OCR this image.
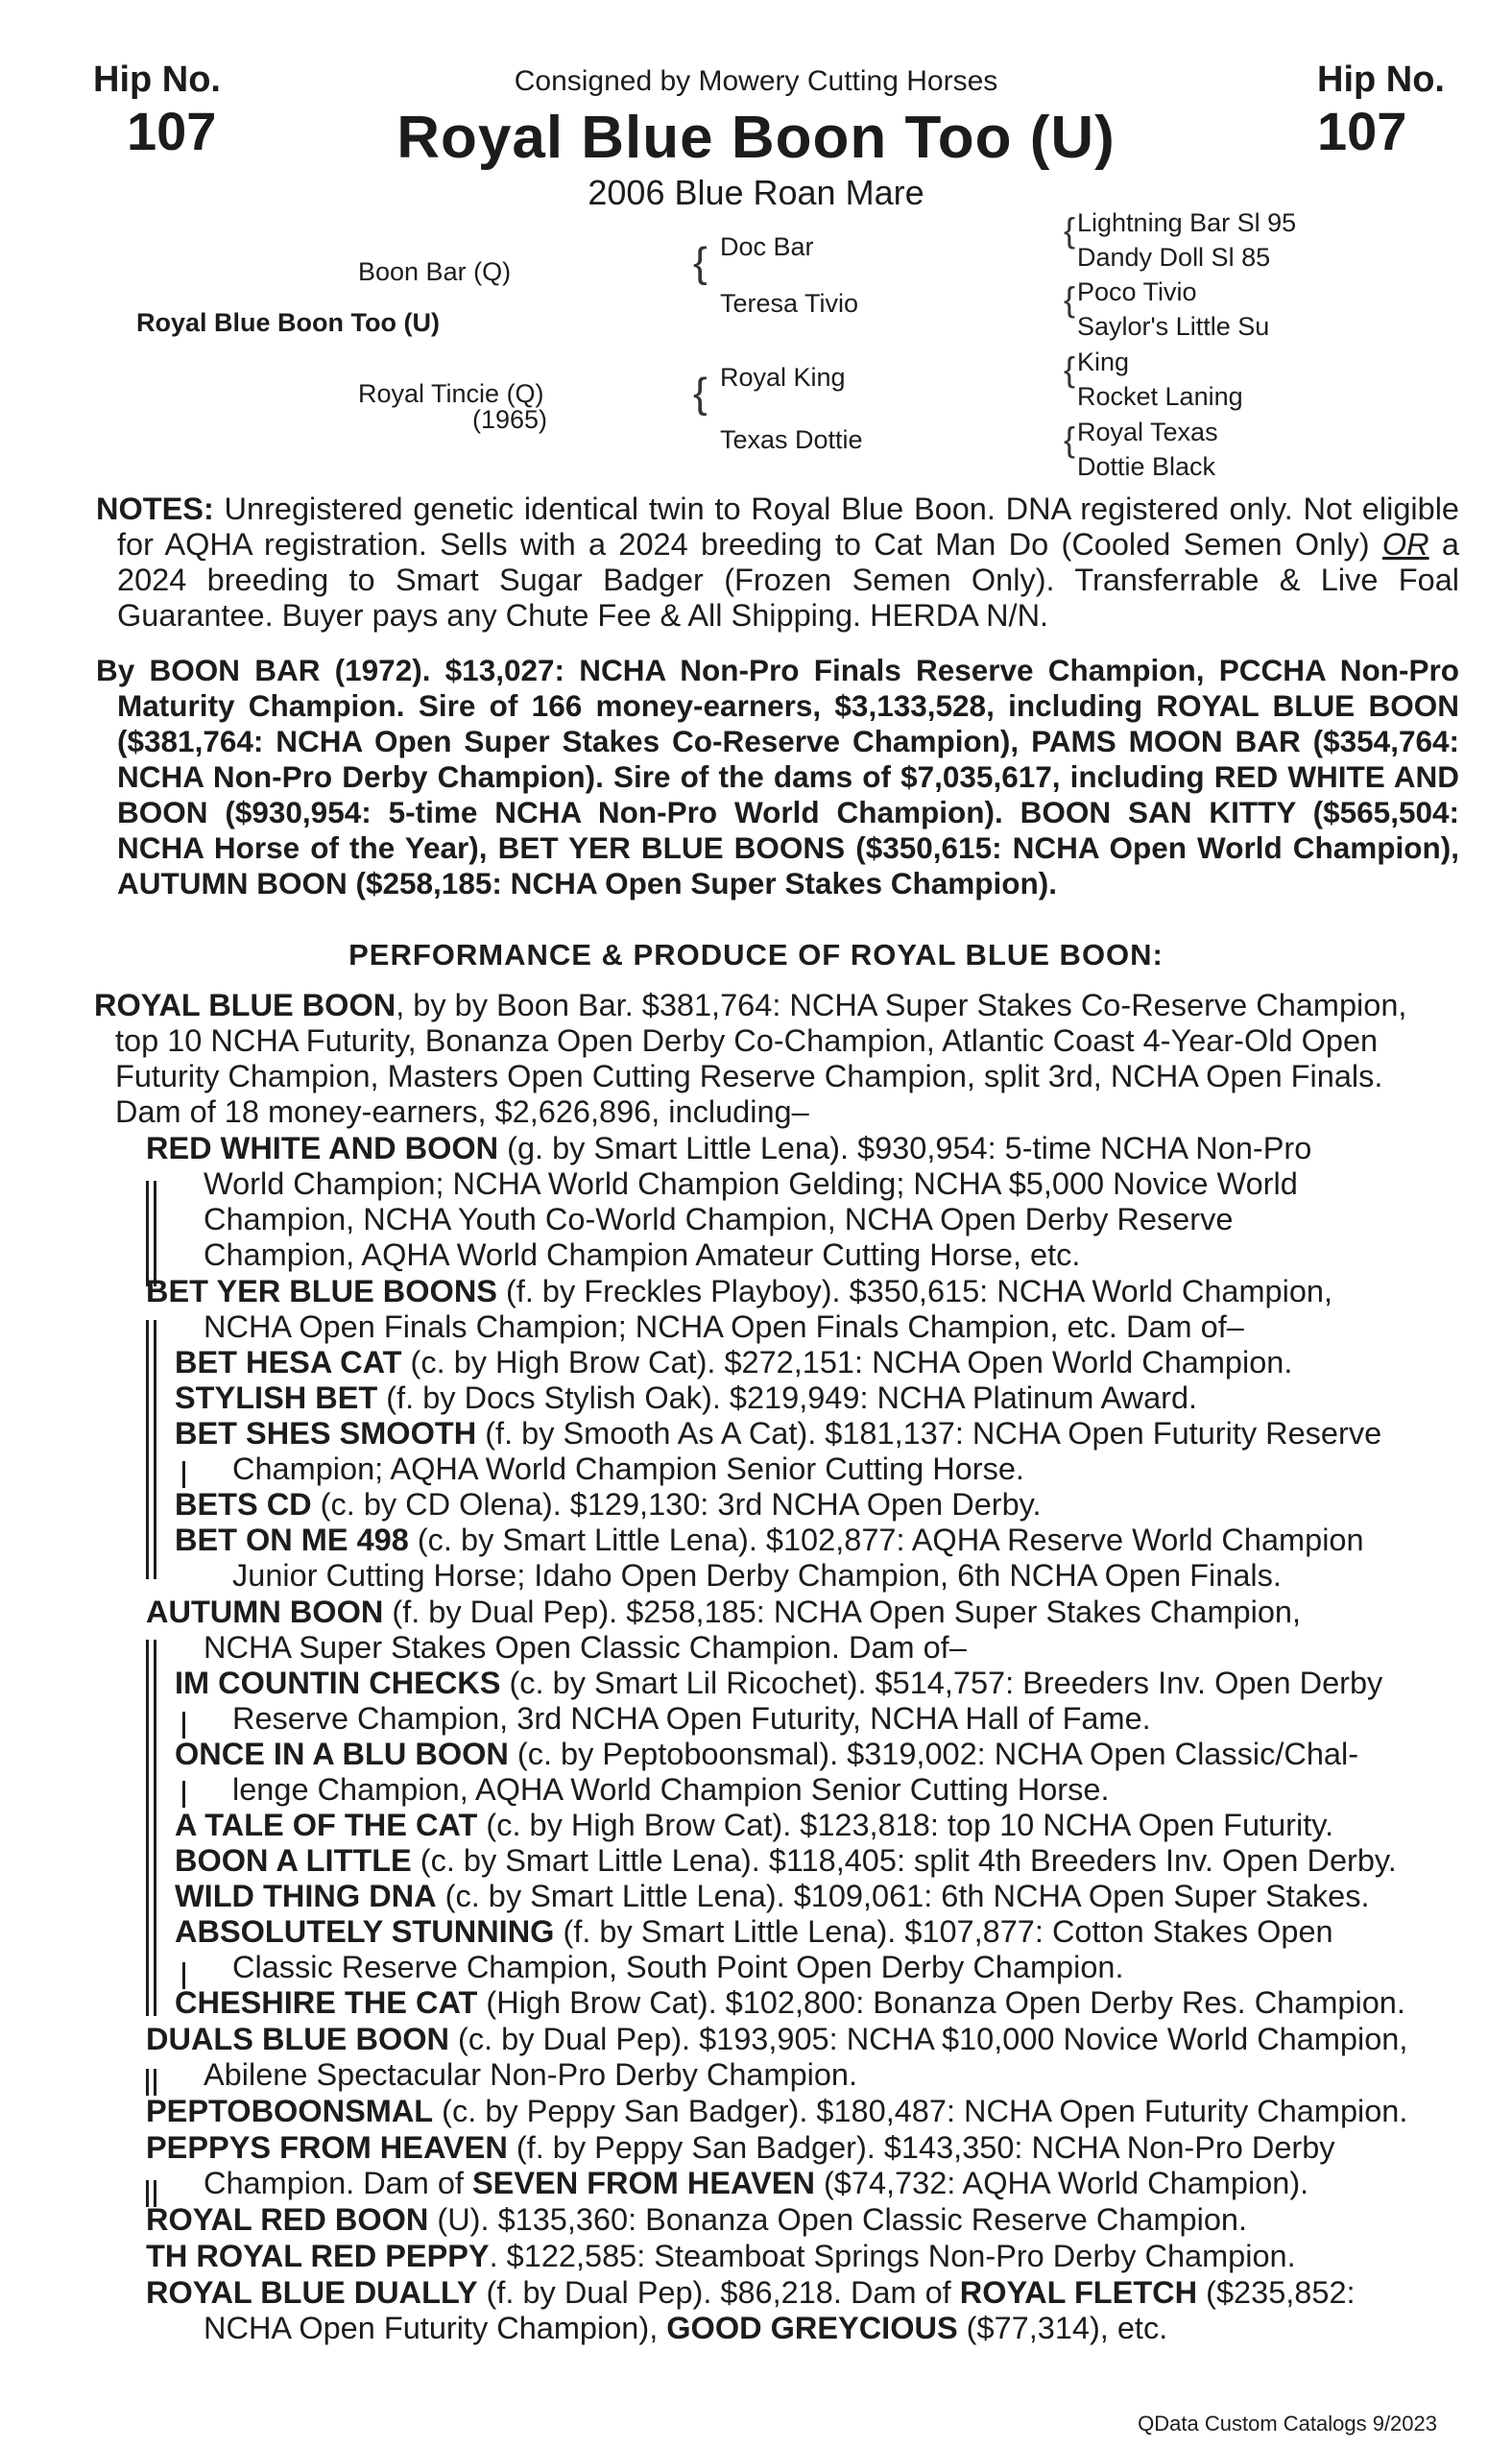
Hip No.
107
Hip No.
107
Consigned by Mowery Cutting Horses
Royal Blue Boon Too (U)
2006 Blue Roan Mare
Boon Bar (Q)
Royal Blue Boon Too (U)
Royal Tincie (Q)
(1965)
{ Doc Bar
Teresa Tivio
{ Royal King
Texas Dottie
{ Lightning Bar Sl 95
Dandy Doll Sl 85
{ Poco Tivio
Saylor's Little Su
{ King
Rocket Laning
{ Royal Texas
Dottie Black
NOTES: Unregistered genetic identical twin to Royal Blue Boon. DNA registered only. Not eligible for AQHA registration. Sells with a 2024 breeding to Cat Man Do (Cooled Semen Only) OR a 2024 breeding to Smart Sugar Badger (Frozen Semen Only). Transferrable & Live Foal Guarantee. Buyer pays any Chute Fee & All Shipping. HERDA N/N.
By BOON BAR (1972). $13,027: NCHA Non-Pro Finals Reserve Champion, PCCHA Non-Pro Maturity Champion. Sire of 166 money-earners, $3,133,528, including ROYAL BLUE BOON ($381,764: NCHA Open Super Stakes Co-Reserve Champion), PAMS MOON BAR ($354,764: NCHA Non-Pro Derby Champion). Sire of the dams of $7,035,617, including RED WHITE AND BOON ($930,954: 5-time NCHA Non-Pro World Champion). BOON SAN KITTY ($565,504: NCHA Horse of the Year), BET YER BLUE BOONS ($350,615: NCHA Open World Champion), AUTUMN BOON ($258,185: NCHA Open Super Stakes Champion).
PERFORMANCE & PRODUCE OF ROYAL BLUE BOON:
ROYAL BLUE BOON, by by Boon Bar. $381,764: NCHA Super Stakes Co-Reserve Champion,
top 10 NCHA Futurity, Bonanza Open Derby Co-Champion, Atlantic Coast 4-Year-Old Open
Futurity Champion, Masters Open Cutting Reserve Champion, split 3rd, NCHA Open Finals.
Dam of 18 money-earners, $2,626,896, including–
RED WHITE AND BOON (g. by Smart Little Lena). $930,954: 5-time NCHA Non-Pro
World Champion; NCHA World Champion Gelding; NCHA $5,000 Novice World
Champion, NCHA Youth Co-World Champion, NCHA Open Derby Reserve
Champion, AQHA World Champion Amateur Cutting Horse, etc.
BET YER BLUE BOONS (f. by Freckles Playboy). $350,615: NCHA World Champion,
NCHA Open Finals Champion; NCHA Open Finals Champion, etc. Dam of–
BET HESA CAT (c. by High Brow Cat). $272,151: NCHA Open World Champion.
STYLISH BET (f. by Docs Stylish Oak). $219,949: NCHA Platinum Award.
BET SHES SMOOTH (f. by Smooth As A Cat). $181,137: NCHA Open Futurity Reserve
Champion; AQHA World Champion Senior Cutting Horse.
BETS CD (c. by CD Olena). $129,130: 3rd NCHA Open Derby.
BET ON ME 498 (c. by Smart Little Lena). $102,877: AQHA Reserve World Champion
Junior Cutting Horse; Idaho Open Derby Champion, 6th NCHA Open Finals.
AUTUMN BOON (f. by Dual Pep). $258,185: NCHA Open Super Stakes Champion,
NCHA Super Stakes Open Classic Champion. Dam of–
IM COUNTIN CHECKS (c. by Smart Lil Ricochet). $514,757: Breeders Inv. Open Derby
Reserve Champion, 3rd NCHA Open Futurity, NCHA Hall of Fame.
ONCE IN A BLU BOON (c. by Peptoboonsmal). $319,002: NCHA Open Classic/Chal-
lenge Champion, AQHA World Champion Senior Cutting Horse.
A TALE OF THE CAT (c. by High Brow Cat). $123,818: top 10 NCHA Open Futurity.
BOON A LITTLE (c. by Smart Little Lena). $118,405: split 4th Breeders Inv. Open Derby.
WILD THING DNA (c. by Smart Little Lena). $109,061: 6th NCHA Open Super Stakes.
ABSOLUTELY STUNNING (f. by Smart Little Lena). $107,877: Cotton Stakes Open
Classic Reserve Champion, South Point Open Derby Champion.
CHESHIRE THE CAT (High Brow Cat). $102,800: Bonanza Open Derby Res. Champion.
DUALS BLUE BOON (c. by Dual Pep). $193,905: NCHA $10,000 Novice World Champion,
Abilene Spectacular Non-Pro Derby Champion.
PEPTOBOONSMAL (c. by Peppy San Badger). $180,487: NCHA Open Futurity Champion.
PEPPYS FROM HEAVEN (f. by Peppy San Badger). $143,350: NCHA Non-Pro Derby
Champion. Dam of SEVEN FROM HEAVEN ($74,732: AQHA World Champion).
ROYAL RED BOON (U). $135,360: Bonanza Open Classic Reserve Champion.
TH ROYAL RED PEPPY. $122,585: Steamboat Springs Non-Pro Derby Champion.
ROYAL BLUE DUALLY (f. by Dual Pep). $86,218. Dam of ROYAL FLETCH ($235,852:
NCHA Open Futurity Champion), GOOD GREYCIOUS ($77,314), etc.
QData Custom Catalogs 9/2023
